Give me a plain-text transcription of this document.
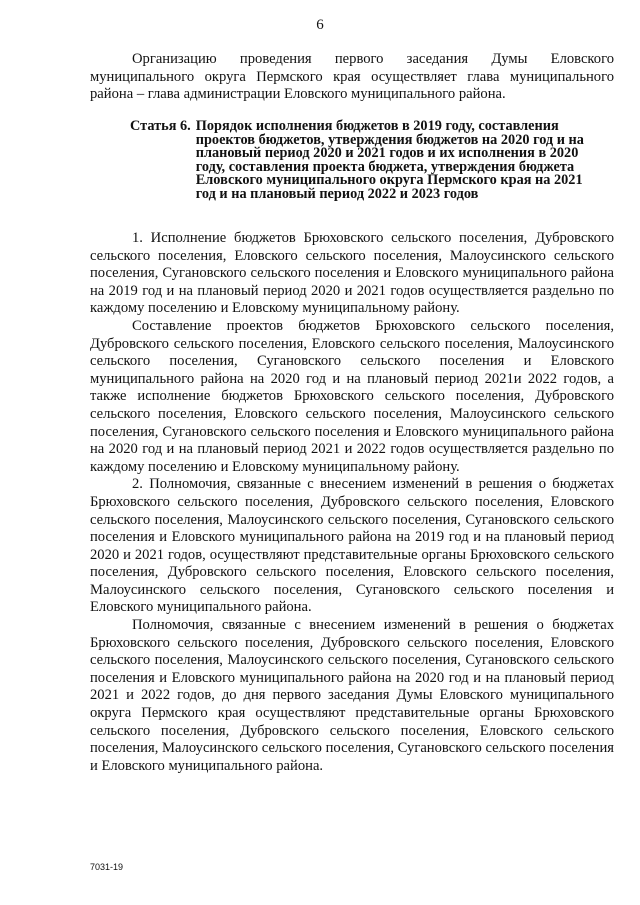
6

Организацию проведения первого заседания Думы Еловского муниципального округа Пермского края осуществляет глава муниципального района – глава администрации Еловского муниципального района.

Статья 6. Порядок исполнения бюджетов в 2019 году, составления проектов бюджетов, утверждения бюджетов на 2020 год и на плановый период 2020 и 2021 годов и их исполнения в 2020 году, составления проекта бюджета, утверждения бюджета Еловского муниципального округа Пермского края на 2021 год и на плановый период 2022 и 2023 годов

1. Исполнение бюджетов Брюховского сельского поселения, Дубровского сельского поселения, Еловского сельского поселения, Малоусинского сельского поселения, Сугановского сельского поселения и Еловского муниципального района на 2019 год и на плановый период 2020 и 2021 годов осуществляется раздельно по каждому поселению и Еловскому муниципальному району.

Составление проектов бюджетов Брюховского сельского поселения, Дубровского сельского поселения, Еловского сельского поселения, Малоусинского сельского поселения, Сугановского сельского поселения и Еловского муниципального района на 2020 год и на плановый период 2021и 2022 годов, а также исполнение бюджетов Брюховского сельского поселения, Дубровского сельского поселения, Еловского сельского поселения, Малоусинского сельского поселения, Сугановского сельского поселения и Еловского муниципального района на 2020 год и на плановый период 2021 и 2022 годов осуществляется раздельно по каждому поселению и Еловскому муниципальному району.

2. Полномочия, связанные с внесением изменений в решения о бюджетах Брюховского сельского поселения, Дубровского сельского поселения, Еловского сельского поселения, Малоусинского сельского поселения, Сугановского сельского поселения и Еловского муниципального района на 2019 год и на плановый период 2020 и 2021 годов, осуществляют представительные органы Брюховского сельского поселения, Дубровского сельского поселения, Еловского сельского поселения, Малоусинского сельского поселения, Сугановского сельского поселения и Еловского муниципального района.

Полномочия, связанные с внесением изменений в решения о бюджетах Брюховского сельского поселения, Дубровского сельского поселения, Еловского сельского поселения, Малоусинского сельского поселения, Сугановского сельского поселения и Еловского муниципального района на 2020 год и на плановый период 2021 и 2022 годов, до дня первого заседания Думы Еловского муниципального округа Пермского края осуществляют представительные органы Брюховского сельского поселения, Дубровского сельского поселения, Еловского сельского поселения, Малоусинского сельского поселения, Сугановского сельского поселения и Еловского муниципального района.

7031-19
